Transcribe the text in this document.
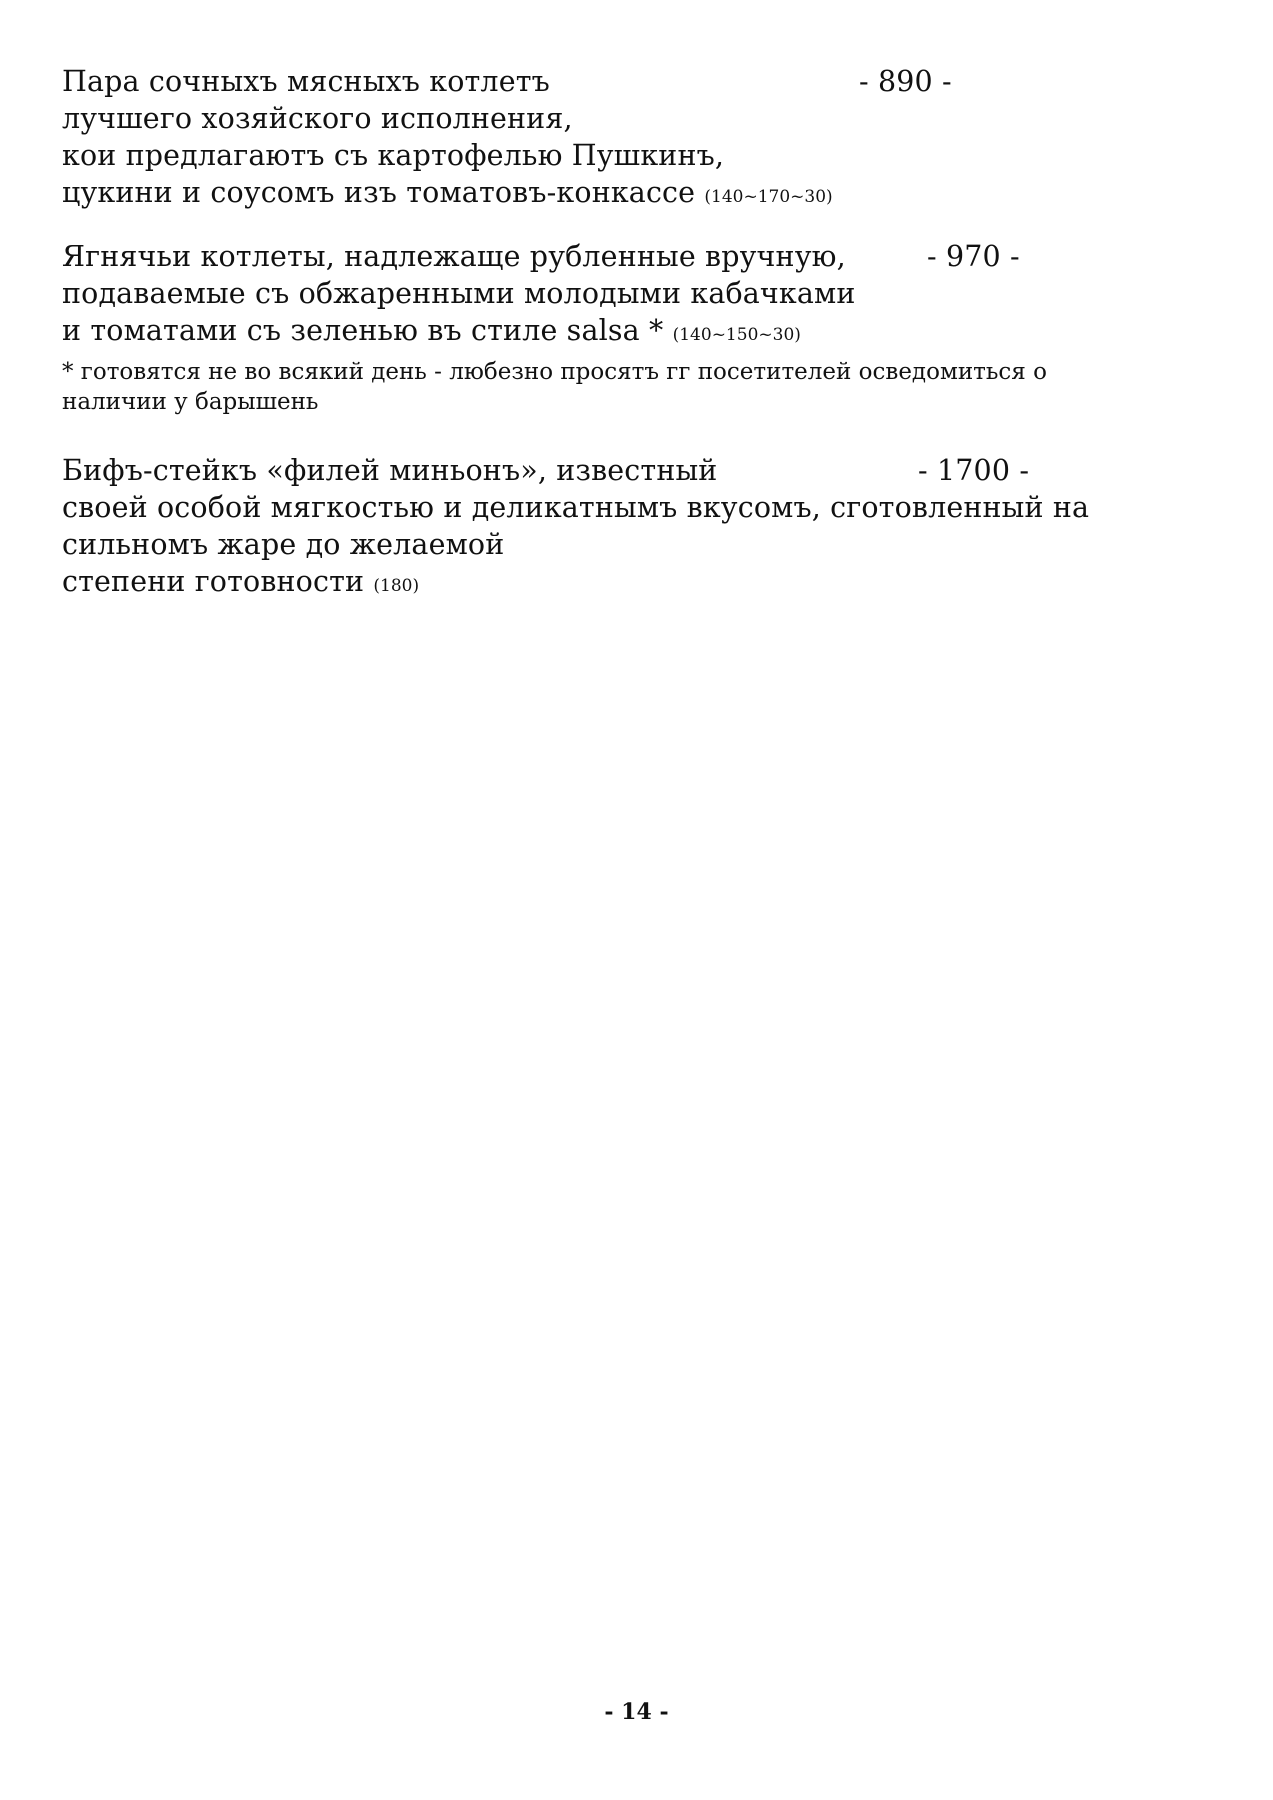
Пара сочныхъ мясныхъ котлетъ	- 890 -
лучшего хозяйского исполнения,
кои предлагаютъ съ картофелью Пушкинъ,
цукини и соусомъ изъ томатовъ-конкассе (140~170~30)
Ягнячьи котлеты, надлежаще рубленные вручную,	- 970 -
подаваемые съ обжаренными молодыми кабачками
и томатами съ зеленью въ стиле salsa * (140~150~30)
* готовятся не во всякий день - любезно просятъ гг посетителей осведомиться о
наличии у барышень
Бифъ-стейкъ «филей миньонъ», известный	- 1700 -
своей особой мягкостью и деликатнымъ вкусомъ, сготовленный на
сильномъ жаре до желаемой
степени готовности (180)
- 14 -
